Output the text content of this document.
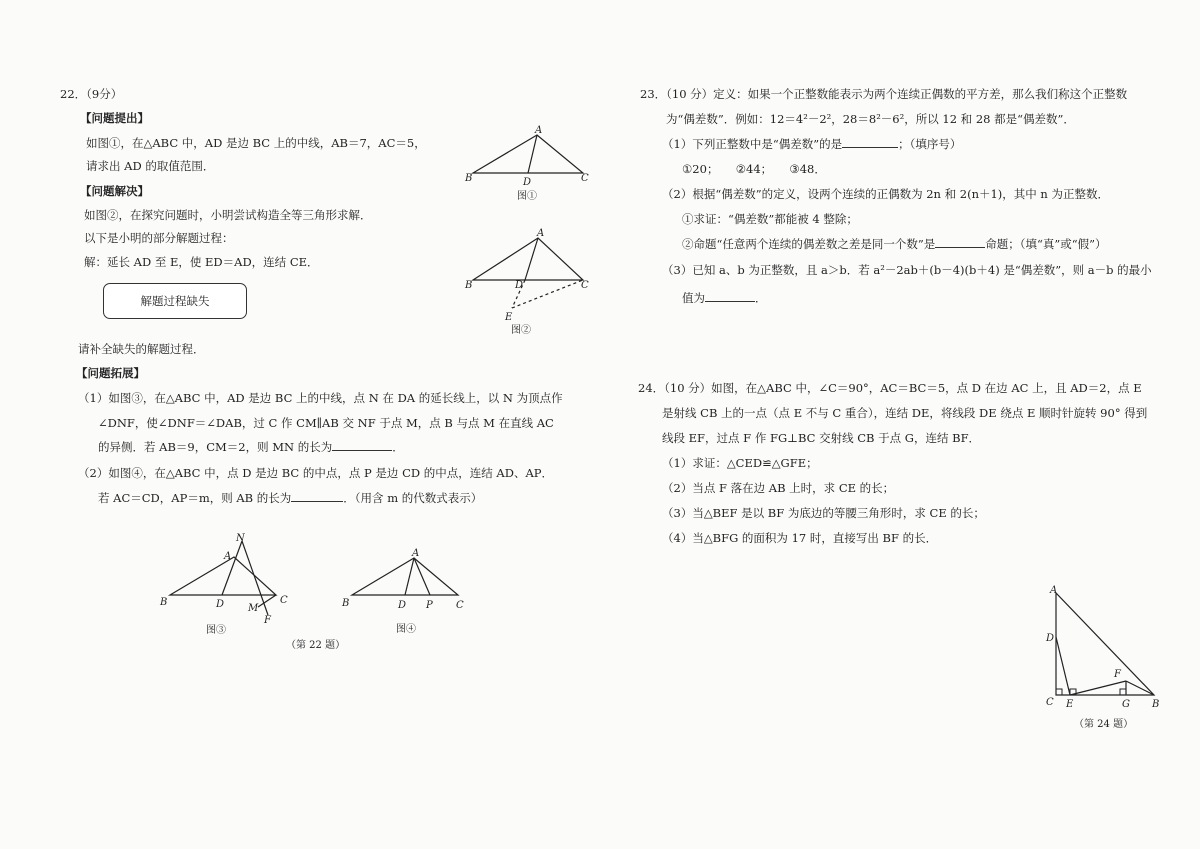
22．（9分）
【问题提出】
如图①，在△ABC 中，AD 是边 BC 上的中线，AB＝7，AC＝5，
请求出 AD 的取值范围．
【问题解决】
如图②，在探究问题时，小明尝试构造全等三角形求解．
以下是小明的部分解题过程：
解：延长 AD 至 E，使 ED＝AD，连结 CE．
解题过程缺失
请补全缺失的解题过程．
【问题拓展】
（1）如图③，在△ABC 中，AD 是边 BC 上的中线，点 N 在 DA 的延长线上，以 N 为顶点作
∠DNF，使∠DNF＝∠DAB，过 C 作 CM∥AB 交 NF 于点 M，点 B 与点 M 在直线 AC
的异侧．若 AB＝9，CM＝2，则 MN 的长为	．
（2）如图④，在△ABC 中，点 D 是边 BC 的中点，点 P 是边 CD 的中点，连结 AD、AP．
若 AC＝CD，AP＝m，则 AB 的长为	．（用含 m 的代数式表示）
A
B	D	C
图①
A
B	D	C
E
图②
N
A
B	D M
C
F
图③
A
B	D P C
图④
（第 22 题）
23．（10 分）定义：如果一个正整数能表示为两个连续正偶数的平方差，那么我们称这个正整数
为“偶差数”．例如：12＝4²－2²，28＝8²－6²，所以 12 和 28 都是“偶差数”．
（1）下列正整数中是“偶差数”的是	；（填序号）
①20；　　②44；　　③48．
（2）根据“偶差数”的定义，设两个连续的正偶数为 2n 和 2(n＋1)，其中 n 为正整数．
①求证：“偶差数”都能被 4 整除；
②命题“任意两个连续的偶差数之差是同一个数”是	命题；（填“真”或“假”）
（3）已知 a、b 为正整数，且 a＞b．若 a²－2ab＋(b－4)(b＋4) 是“偶差数”，则 a－b 的最小
值为	．
24．（10 分）如图，在△ABC 中，∠C＝90°，AC＝BC＝5，点 D 在边 AC 上，且 AD＝2，点 E
是射线 CB 上的一点（点 E 不与 C 重合），连结 DE，将线段 DE 绕点 E 顺时针旋转 90° 得到
线段 EF，过点 F 作 FG⊥BC 交射线 CB 于点 G，连结 BF．
（1）求证：△CED≌△GFE；
（2）当点 F 落在边 AB 上时，求 CE 的长；
（3）当△BEF 是以 BF 为底边的等腰三角形时，求 CE 的长；
（4）当△BFG 的面积为 17 时，直接写出 BF 的长．
A
D
F
C E	G B
（第 24 题）
